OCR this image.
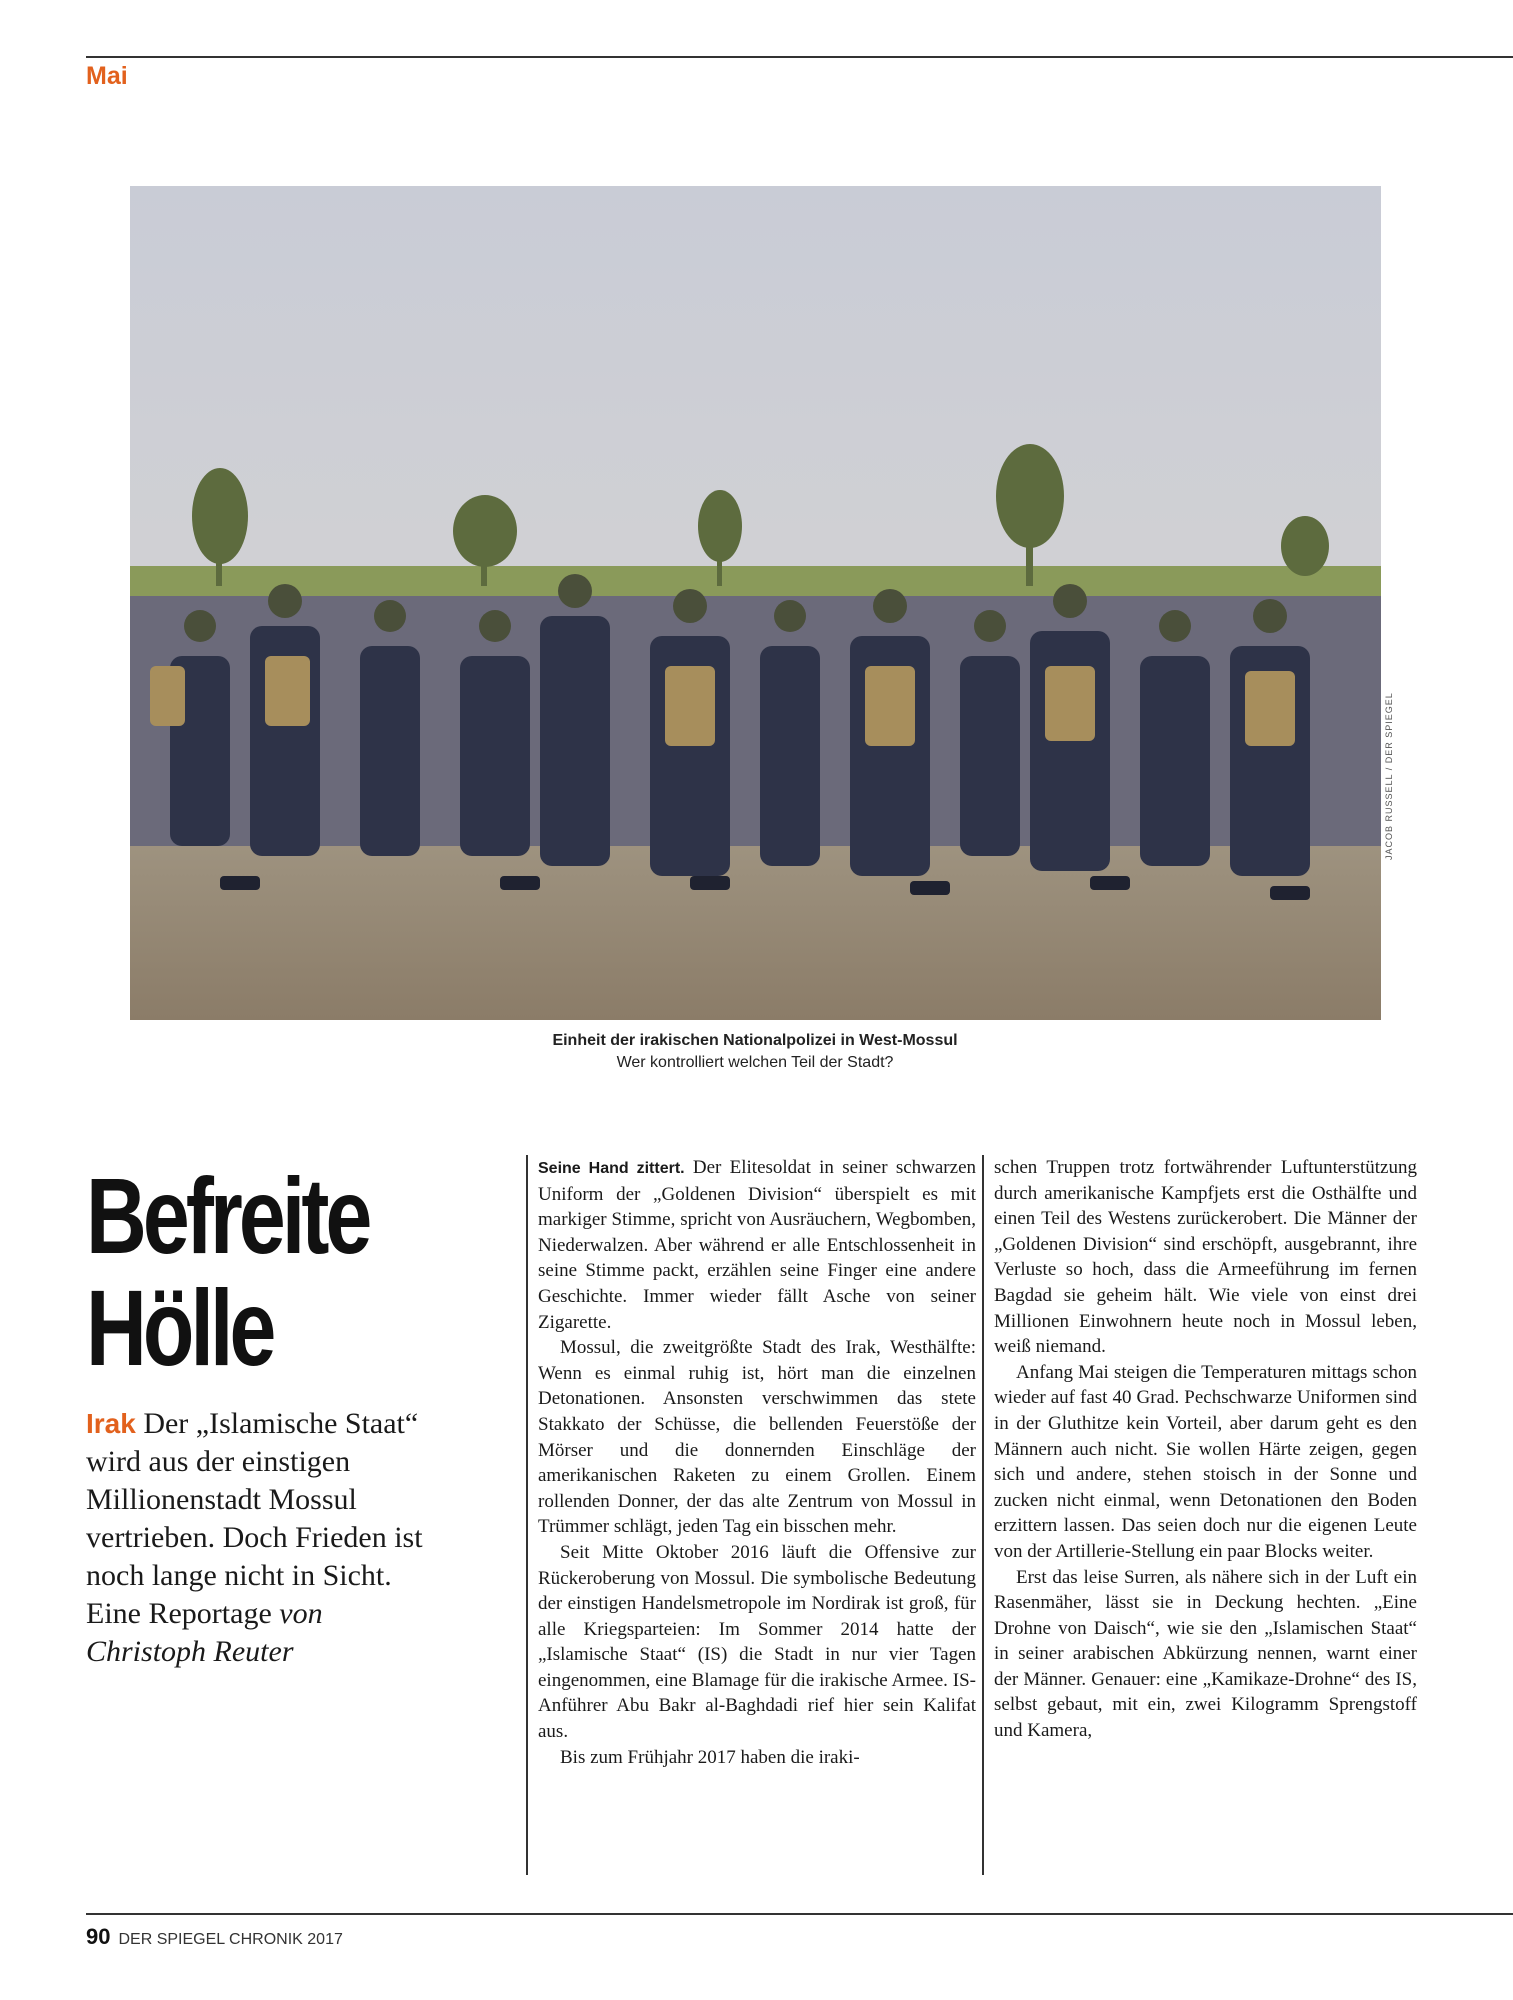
Mai
JACOB RUSSELL / DER SPIEGEL
Einheit der irakischen Nationalpolizei in West-Mossul
Wer kontrolliert welchen Teil der Stadt?
Befreite
Hölle
Irak Der „Islamische Staat“ wird aus der einstigen Millionenstadt Mossul vertrieben. Doch Frieden ist noch lange nicht in Sicht.
Eine Reportage von
Christoph Reuter

Seine Hand zittert. Der Elitesoldat in seiner schwarzen Uniform der „Goldenen Division“ überspielt es mit markiger Stimme, spricht von Ausräuchern, Wegbomben, Niederwalzen. Aber während er alle Entschlossenheit in seine Stimme packt, erzählen seine Finger eine andere Geschichte. Immer wieder fällt Asche von seiner Zigarette.

Mossul, die zweitgrößte Stadt des Irak, Westhälfte: Wenn es einmal ruhig ist, hört man die einzelnen Detonationen. Ansonsten verschwimmen das stete Stakkato der Schüsse, die bellenden Feuerstöße der Mörser und die donnernden Einschläge der amerikanischen Raketen zu einem Grollen. Einem rollenden Donner, der das alte Zentrum von Mossul in Trümmer schlägt, jeden Tag ein bisschen mehr.

Seit Mitte Oktober 2016 läuft die Offensive zur Rückeroberung von Mossul. Die symbolische Bedeutung der einstigen Handelsmetropole im Nordirak ist groß, für alle Kriegsparteien: Im Sommer 2014 hatte der „Islamische Staat“ (IS) die Stadt in nur vier Tagen eingenommen, eine Blamage für die irakische Armee. IS-Anführer Abu Bakr al-Baghdadi rief hier sein Kalifat aus.

Bis zum Frühjahr 2017 haben die iraki-

schen Truppen trotz fortwährender Luftunterstützung durch amerikanische Kampfjets erst die Osthälfte und einen Teil des Westens zurückerobert. Die Männer der „Goldenen Division“ sind erschöpft, ausgebrannt, ihre Verluste so hoch, dass die Armeeführung im fernen Bagdad sie geheim hält. Wie viele von einst drei Millionen Einwohnern heute noch in Mossul leben, weiß niemand.

Anfang Mai steigen die Temperaturen mittags schon wieder auf fast 40 Grad. Pechschwarze Uniformen sind in der Gluthitze kein Vorteil, aber darum geht es den Männern auch nicht. Sie wollen Härte zeigen, gegen sich und andere, stehen stoisch in der Sonne und zucken nicht einmal, wenn Detonationen den Boden erzittern lassen. Das seien doch nur die eigenen Leute von der Artillerie-Stellung ein paar Blocks weiter.

Erst das leise Surren, als nähere sich in der Luft ein Rasenmäher, lässt sie in Deckung hechten. „Eine Drohne von Daisch“, wie sie den „Islamischen Staat“ in seiner arabischen Abkürzung nennen, warnt einer der Männer. Genauer: eine „Kamikaze-Drohne“ des IS, selbst gebaut, mit ein, zwei Kilogramm Sprengstoff und Kamera,

90 DER SPIEGEL CHRONIK 2017
